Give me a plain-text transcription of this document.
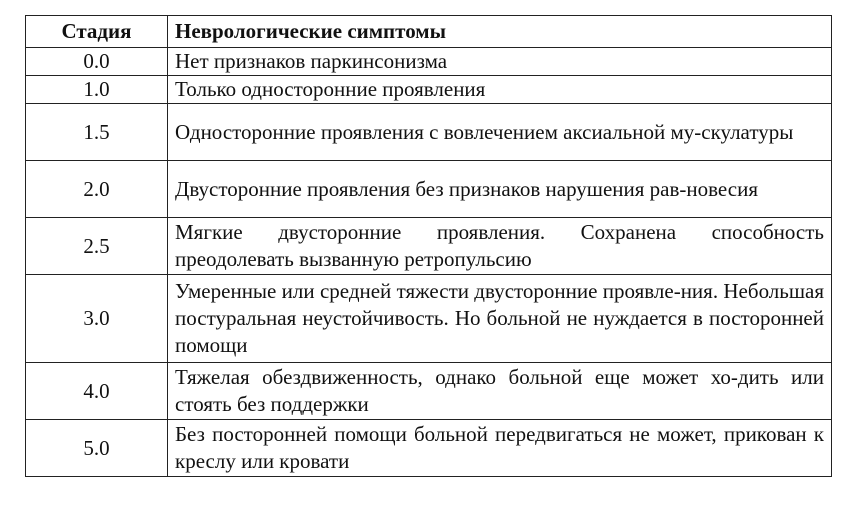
Стадия	Неврологические симптомы
0.0	Нет признаков паркинсонизма
1.0	Только односторонние проявления
1.5	Односторонние проявления с вовлечением аксиальной му-скулатуры
2.0	Двусторонние проявления без признаков нарушения рав-новесия
2.5	Мягкие двусторонние проявления. Сохранена способность преодолевать вызванную ретропульсию
3.0	Умеренные или средней тяжести двусторонние проявле-ния. Небольшая постуральная неустойчивость. Но больной не нуждается в посторонней помощи
4.0	Тяжелая обездвиженность, однако больной еще может хо-дить или стоять без поддержки
5.0	Без посторонней помощи больной передвигаться не может, прикован к креслу или кровати
